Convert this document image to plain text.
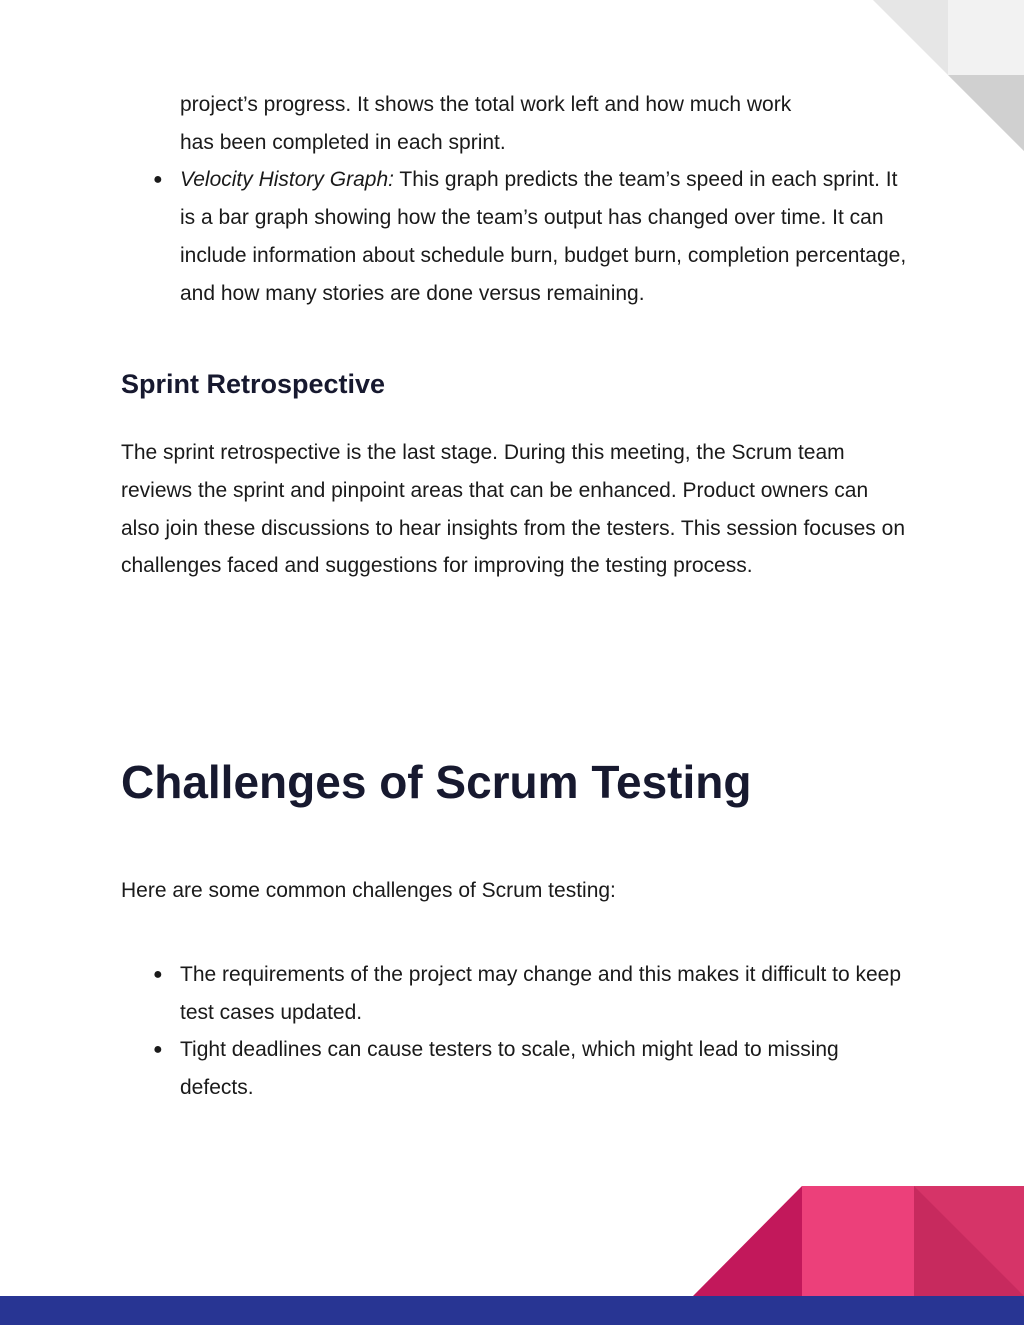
project’s progress. It shows the total work left and how much work
has been completed in each sprint.
● Velocity History Graph: This graph predicts the team’s speed in each sprint. It is a bar graph showing how the team’s output has changed over time. It can include information about schedule burn, budget burn, completion percentage, and how many stories are done versus remaining.
Sprint Retrospective

The sprint retrospective is the last stage. During this meeting, the Scrum team reviews the sprint and pinpoint areas that can be enhanced. Product owners can also join these discussions to hear insights from the testers. This session focuses on challenges faced and suggestions for improving the testing process.

Challenges of Scrum Testing

Here are some common challenges of Scrum testing:

● The requirements of the project may change and this makes it difficult to keep test cases updated.
● Tight deadlines can cause testers to scale, which might lead to missing defects.
